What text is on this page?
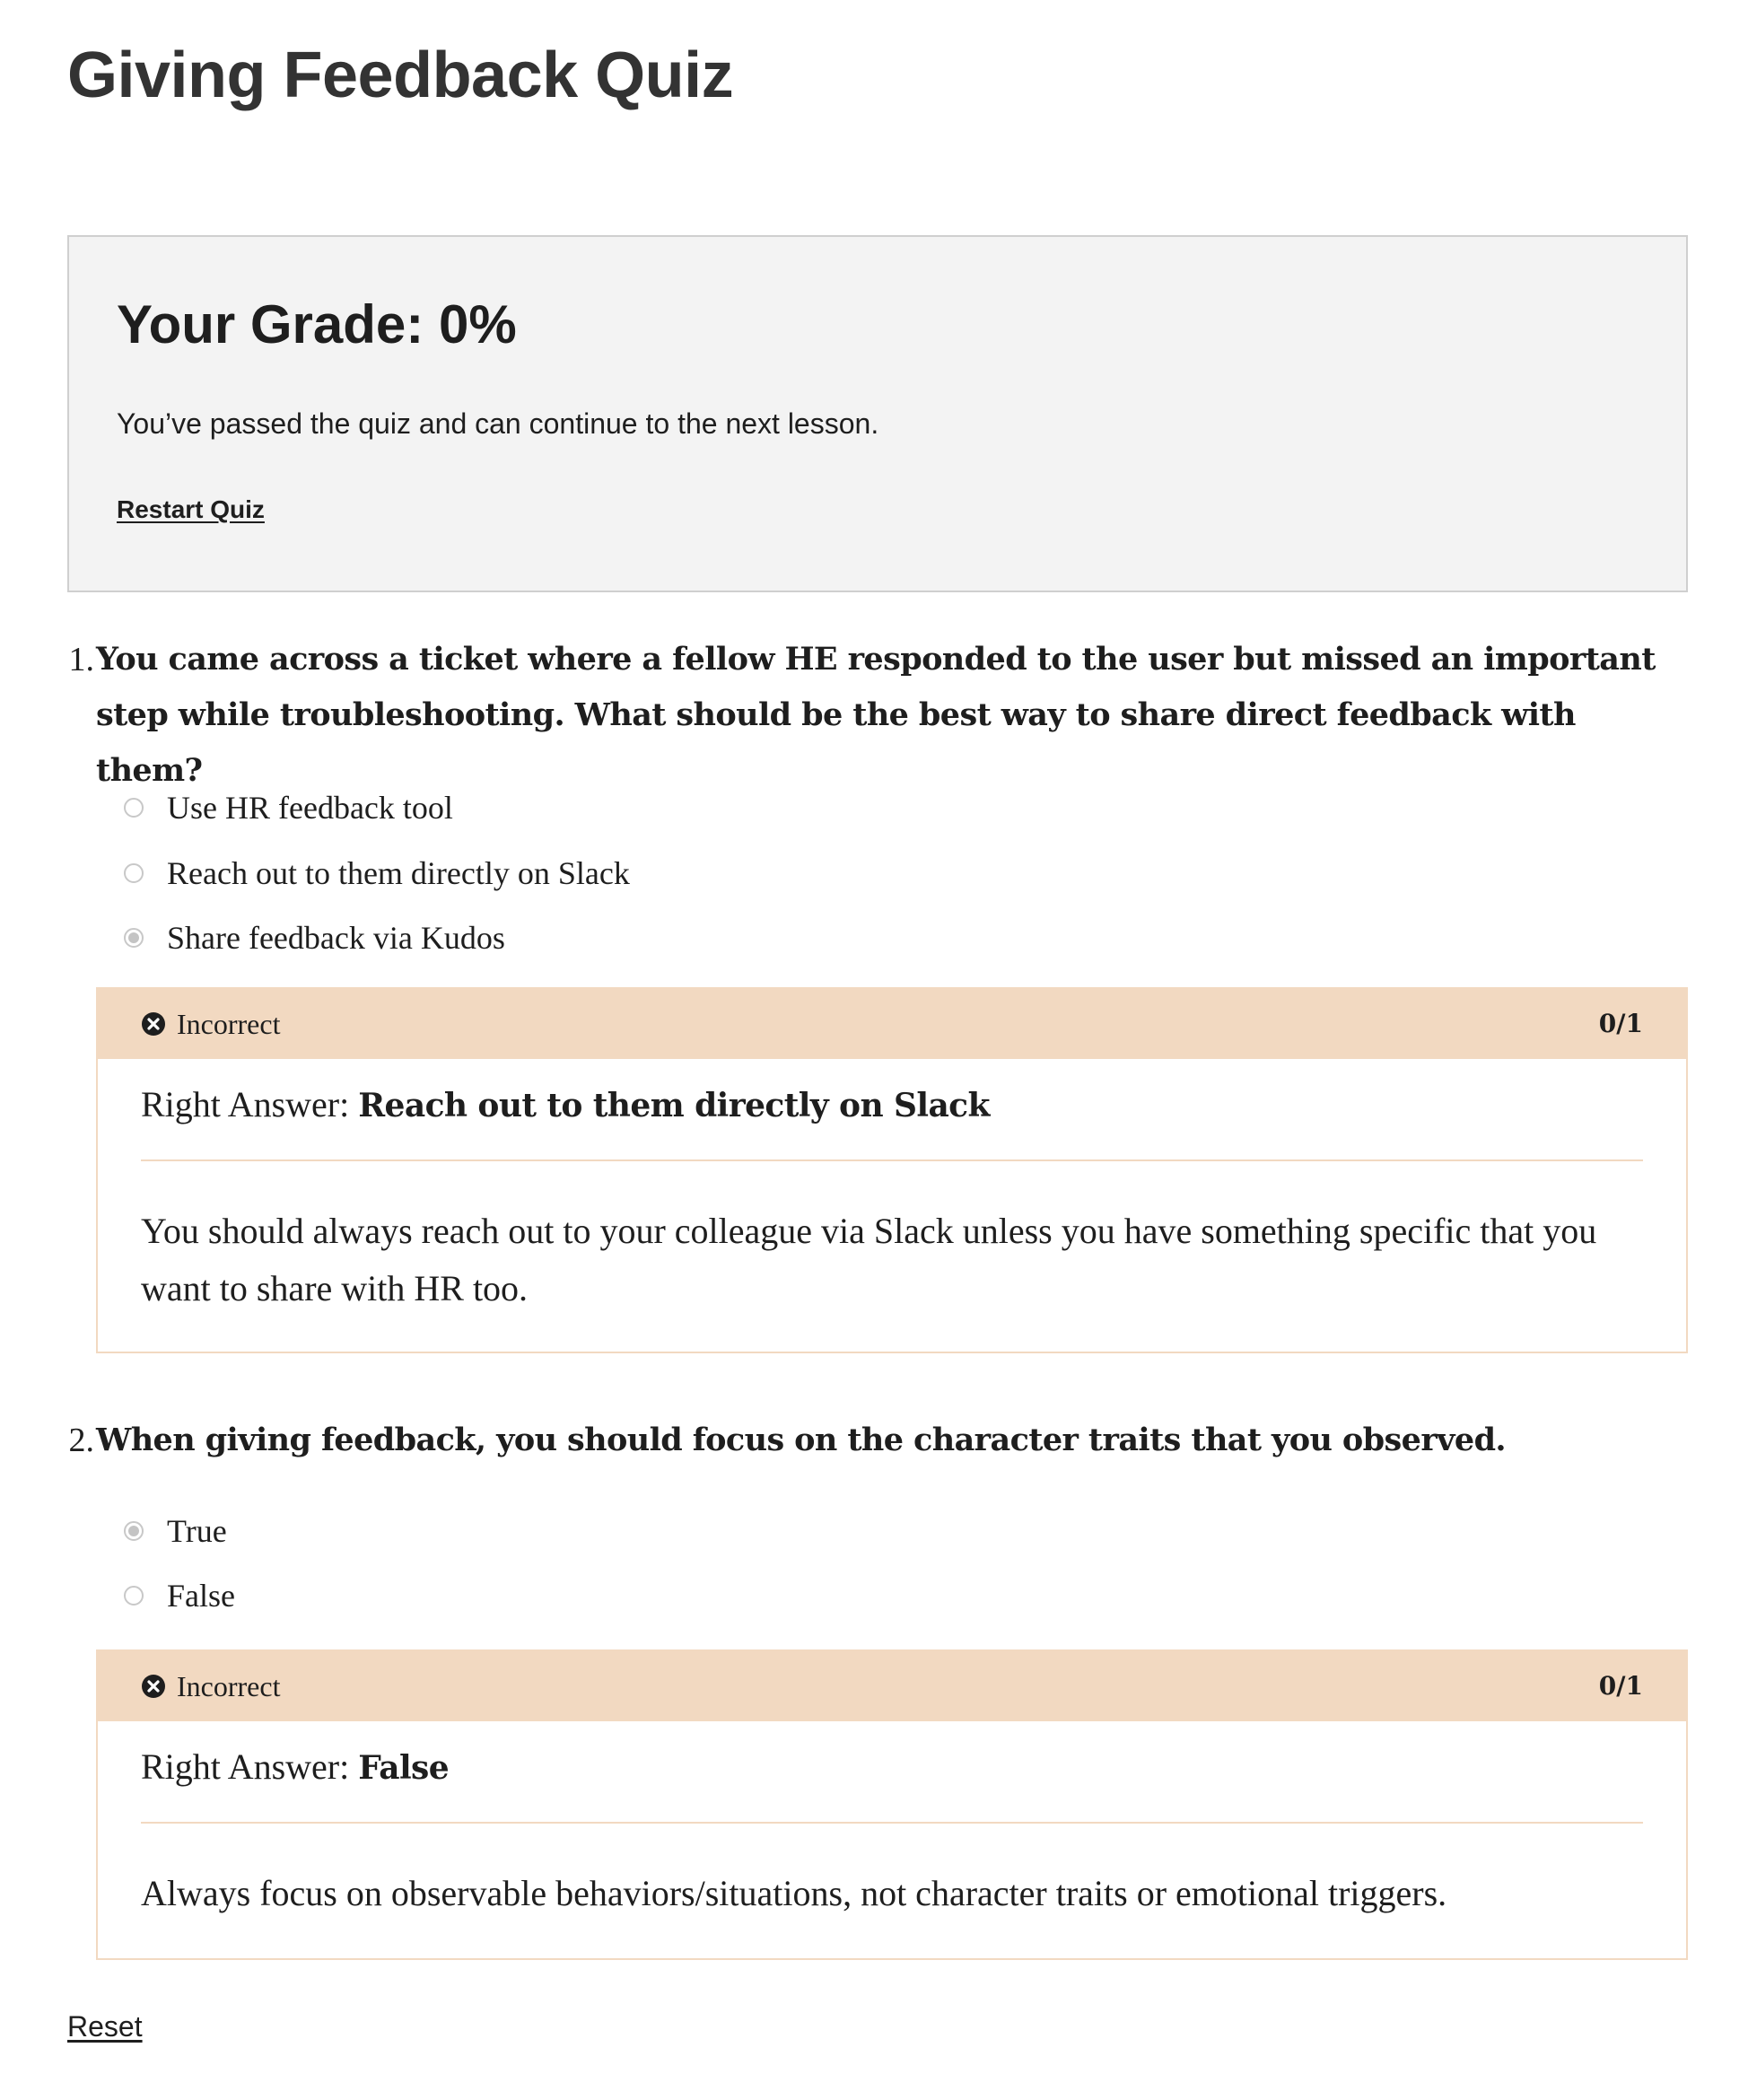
Giving Feedback Quiz
Your Grade: 0%

You’ve passed the quiz and can continue to the next lesson.

Restart Quiz
1. You came across a ticket where a fellow HE responded to the user but missed an important step while troubleshooting. What should be the best way to share direct feedback with them?

Use HR feedback tool
Reach out to them directly on Slack
Share feedback via Kudos
Incorrect	0/1
Right Answer: Reach out to them directly on Slack

You should always reach out to your colleague via Slack unless you have something specific that you want to share with HR too.

2. When giving feedback, you should focus on the character traits that you observed.

True
False
Incorrect	0/1
Right Answer: False

Always focus on observable behaviors/situations, not character traits or emotional triggers.

Reset
